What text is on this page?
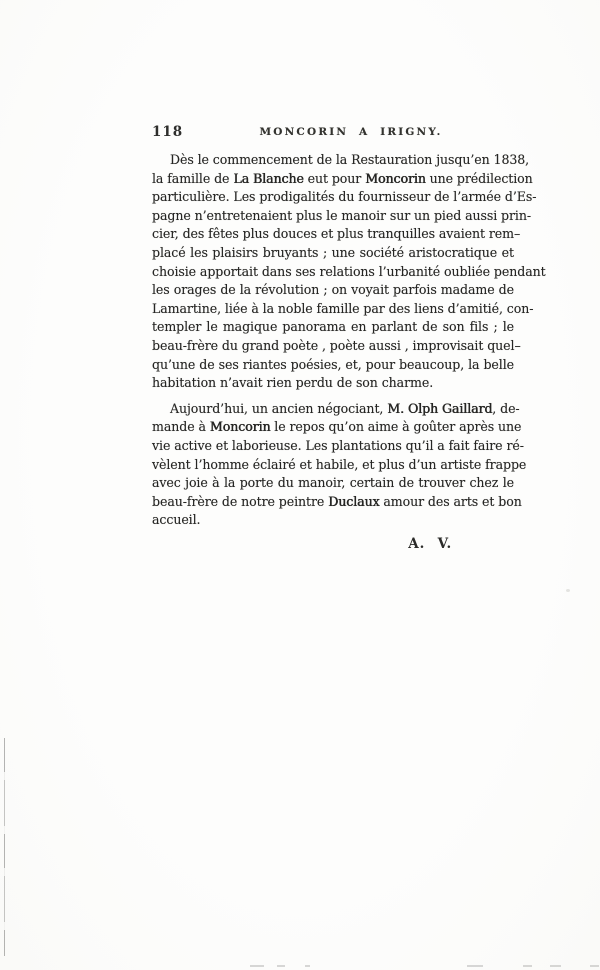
118	MONCORIN A IRIGNY.
Dès le commencement de la Restauration jusqu’en 1838,
la famille de La Blanche eut pour Moncorin une prédilection
particulière. Les prodigalités du fournisseur de l’armée d’Es-
pagne n’entretenaient plus le manoir sur un pied aussi prin-
cier, des fêtes plus douces et plus tranquilles avaient rem–
placé les plaisirs bruyants ; une société aristocratique et
choisie apportait dans ses relations l’urbanité oubliée pendant
les orages de la révolution ; on voyait parfois madame de
Lamartine, liée à la noble famille par des liens d’amitié, con-
templer le magique panorama en parlant de son fils ; le
beau-frère du grand poète , poète aussi , improvisait quel–
qu’une de ses riantes poésies, et, pour beaucoup, la belle
habitation n’avait rien perdu de son charme.
Aujourd’hui, un ancien négociant, M. Olph Gaillard, de-
mande à Moncorin le repos qu’on aime à goûter après une
vie active et laborieuse. Les plantations qu’il a fait faire ré-
vèlent l’homme éclairé et habile, et plus d’un artiste frappe
avec joie à la porte du manoir, certain de trouver chez le
beau-frère de notre peintre Duclaux amour des arts et bon
accueil.
A. V.
